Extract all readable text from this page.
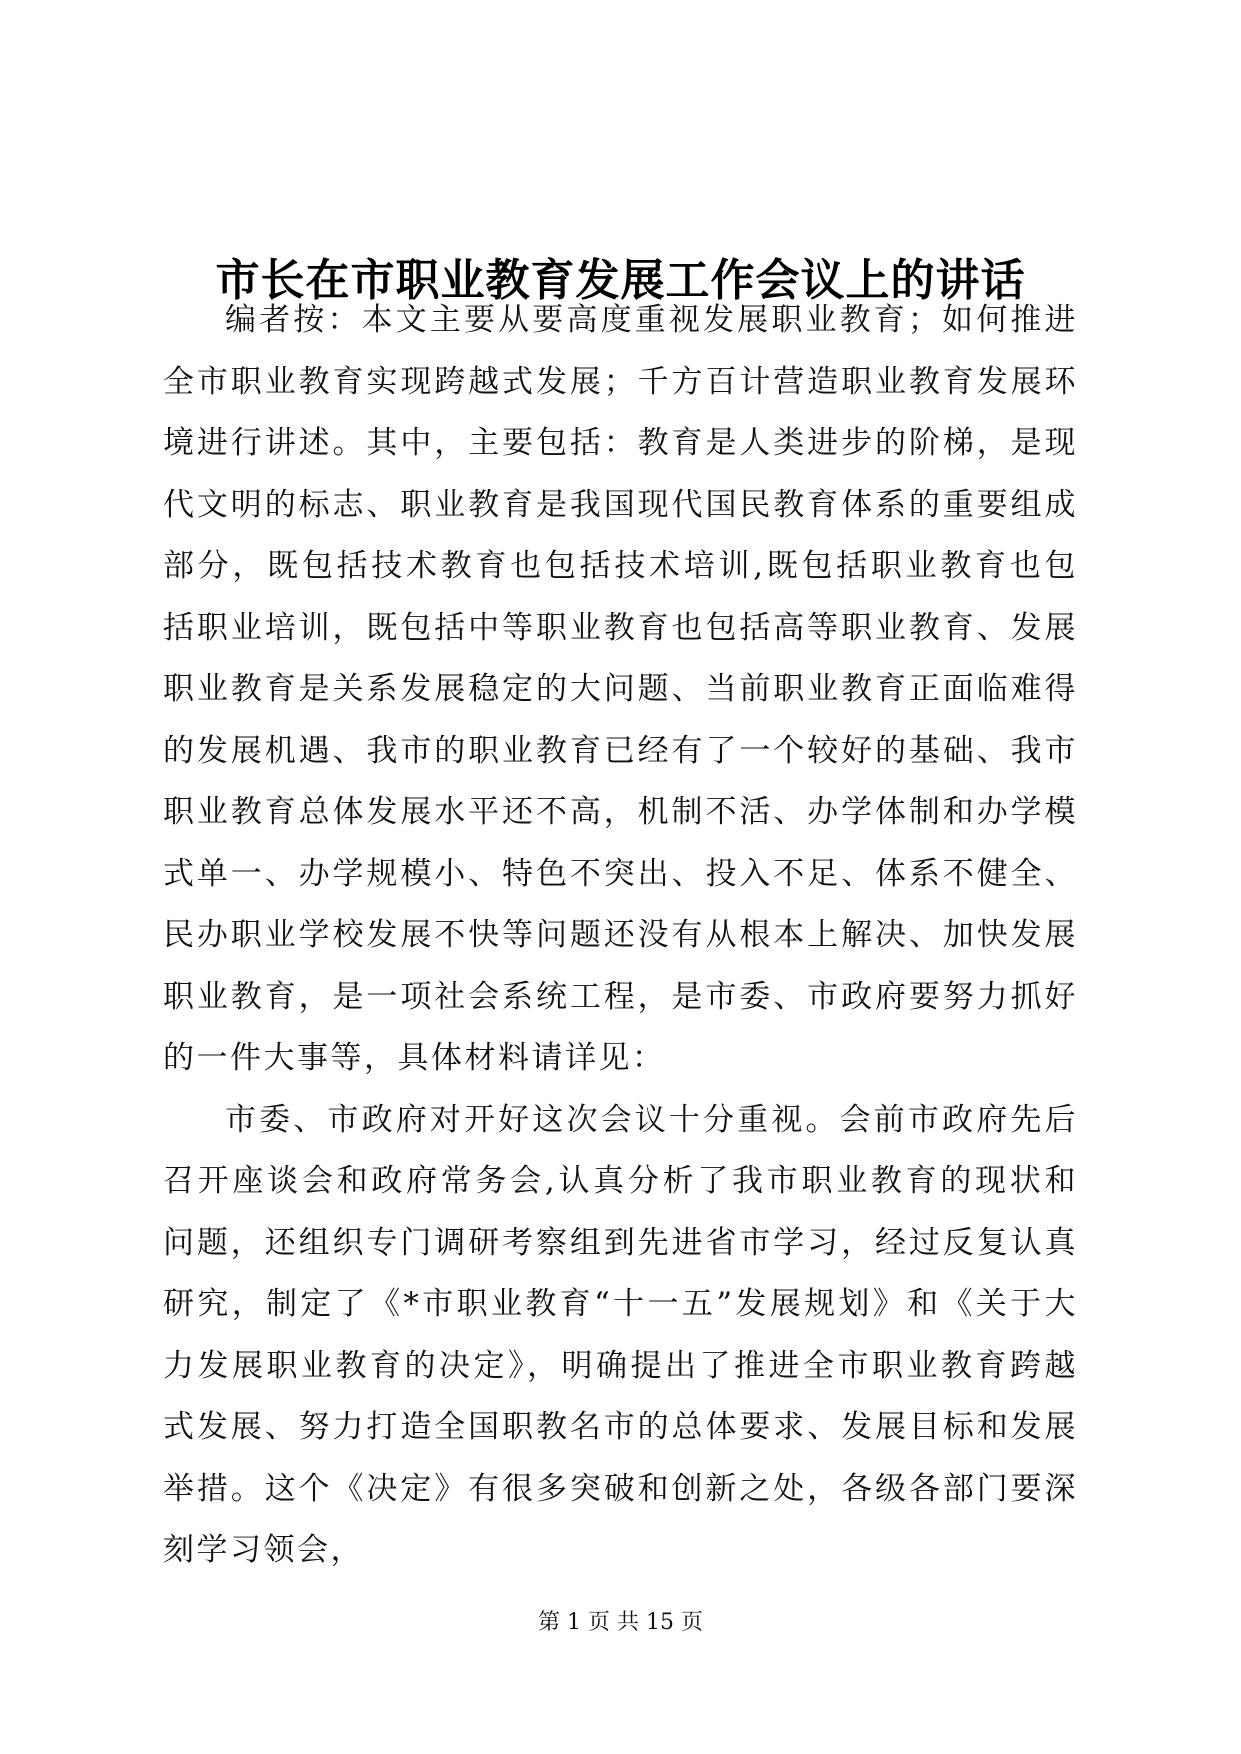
市长在市职业教育发展工作会议上的讲话

编者按：本文主要从要高度重视发展职业教育；如何推进全市职业教育实现跨越式发展；千方百计营造职业教育发展环境进行讲述。其中，主要包括：教育是人类进步的阶梯，是现代文明的标志、职业教育是我国现代国民教育体系的重要组成部分，既包括技术教育也包括技术培训,既包括职业教育也包括职业培训，既包括中等职业教育也包括高等职业教育、发展职业教育是关系发展稳定的大问题、当前职业教育正面临难得的发展机遇、我市的职业教育已经有了一个较好的基础、我市职业教育总体发展水平还不高，机制不活、办学体制和办学模式单一、办学规模小、特色不突出、投入不足、体系不健全、民办职业学校发展不快等问题还没有从根本上解决、加快发展职业教育，是一项社会系统工程，是市委、市政府要努力抓好的一件大事等，具体材料请详见：

市委、市政府对开好这次会议十分重视。会前市政府先后召开座谈会和政府常务会,认真分析了我市职业教育的现状和问题，还组织专门调研考察组到先进省市学习，经过反复认真研究，制定了《*市职业教育“十一五”发展规划》和《关于大力发展职业教育的决定》，明确提出了推进全市职业教育跨越式发展、努力打造全国职教名市的总体要求、发展目标和发展举措。这个《决定》有很多突破和创新之处，各级各部门要深刻学习领会，

第 1 页 共 15 页
